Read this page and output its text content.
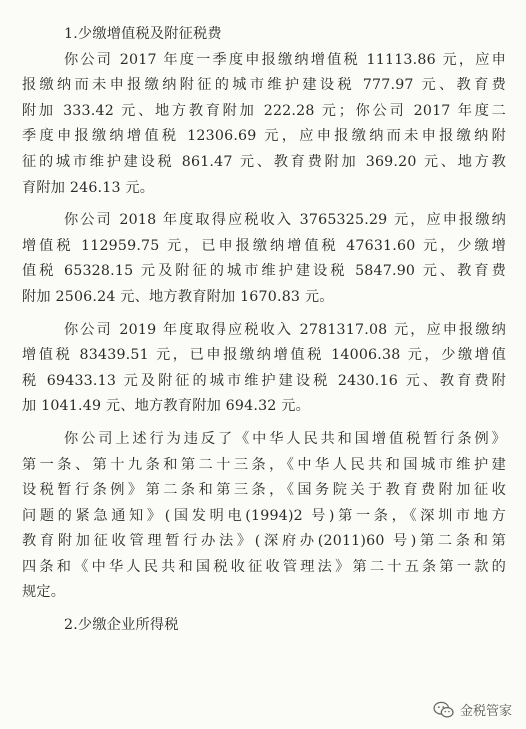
1.少缴增值税及附征税费
你公司 2017 年度一季度申报缴纳增值税 11113.86 元，应申
报缴纳而未申报缴纳附征的城市维护建设税 777.97 元、教育费
附加 333.42 元、地方教育附加 222.28 元；你公司 2017 年度二
季度申报缴纳增值税 12306.69 元，应申报缴纳而未申报缴纳附
征的城市维护建设税 861.47 元、教育费附加 369.20 元、地方教
育附加 246.13 元。
你公司 2018 年度取得应税收入 3765325.29 元，应申报缴纳
增值税 112959.75 元，已申报缴纳增值税 47631.60 元，少缴增
值税 65328.15 元及附征的城市维护建设税 5847.90 元、教育费
附加 2506.24 元、地方教育附加 1670.83 元。
你公司 2019 年度取得应税收入 2781317.08 元，应申报缴纳
增值税 83439.51 元，已申报缴纳增值税 14006.38 元，少缴增值
税 69433.13 元及附征的城市维护建设税 2430.16 元、教育费附
加 1041.49 元、地方教育附加 694.32 元。
你公司上述行为违反了《中华人民共和国增值税暂行条例》
第一条、第十九条和第二十三条，《中华人民共和国城市维护建
设税暂行条例》第二条和第三条，《国务院关于教育费附加征收
问题的紧急通知》(国发明电(1994)2 号)第一条，《深圳市地方
教育附加征收管理暂行办法》(深府办(2011)60 号)第二条和第
四条和《中华人民共和国税收征收管理法》第二十五条第一款的
规定。
2.少缴企业所得税
金税管家
